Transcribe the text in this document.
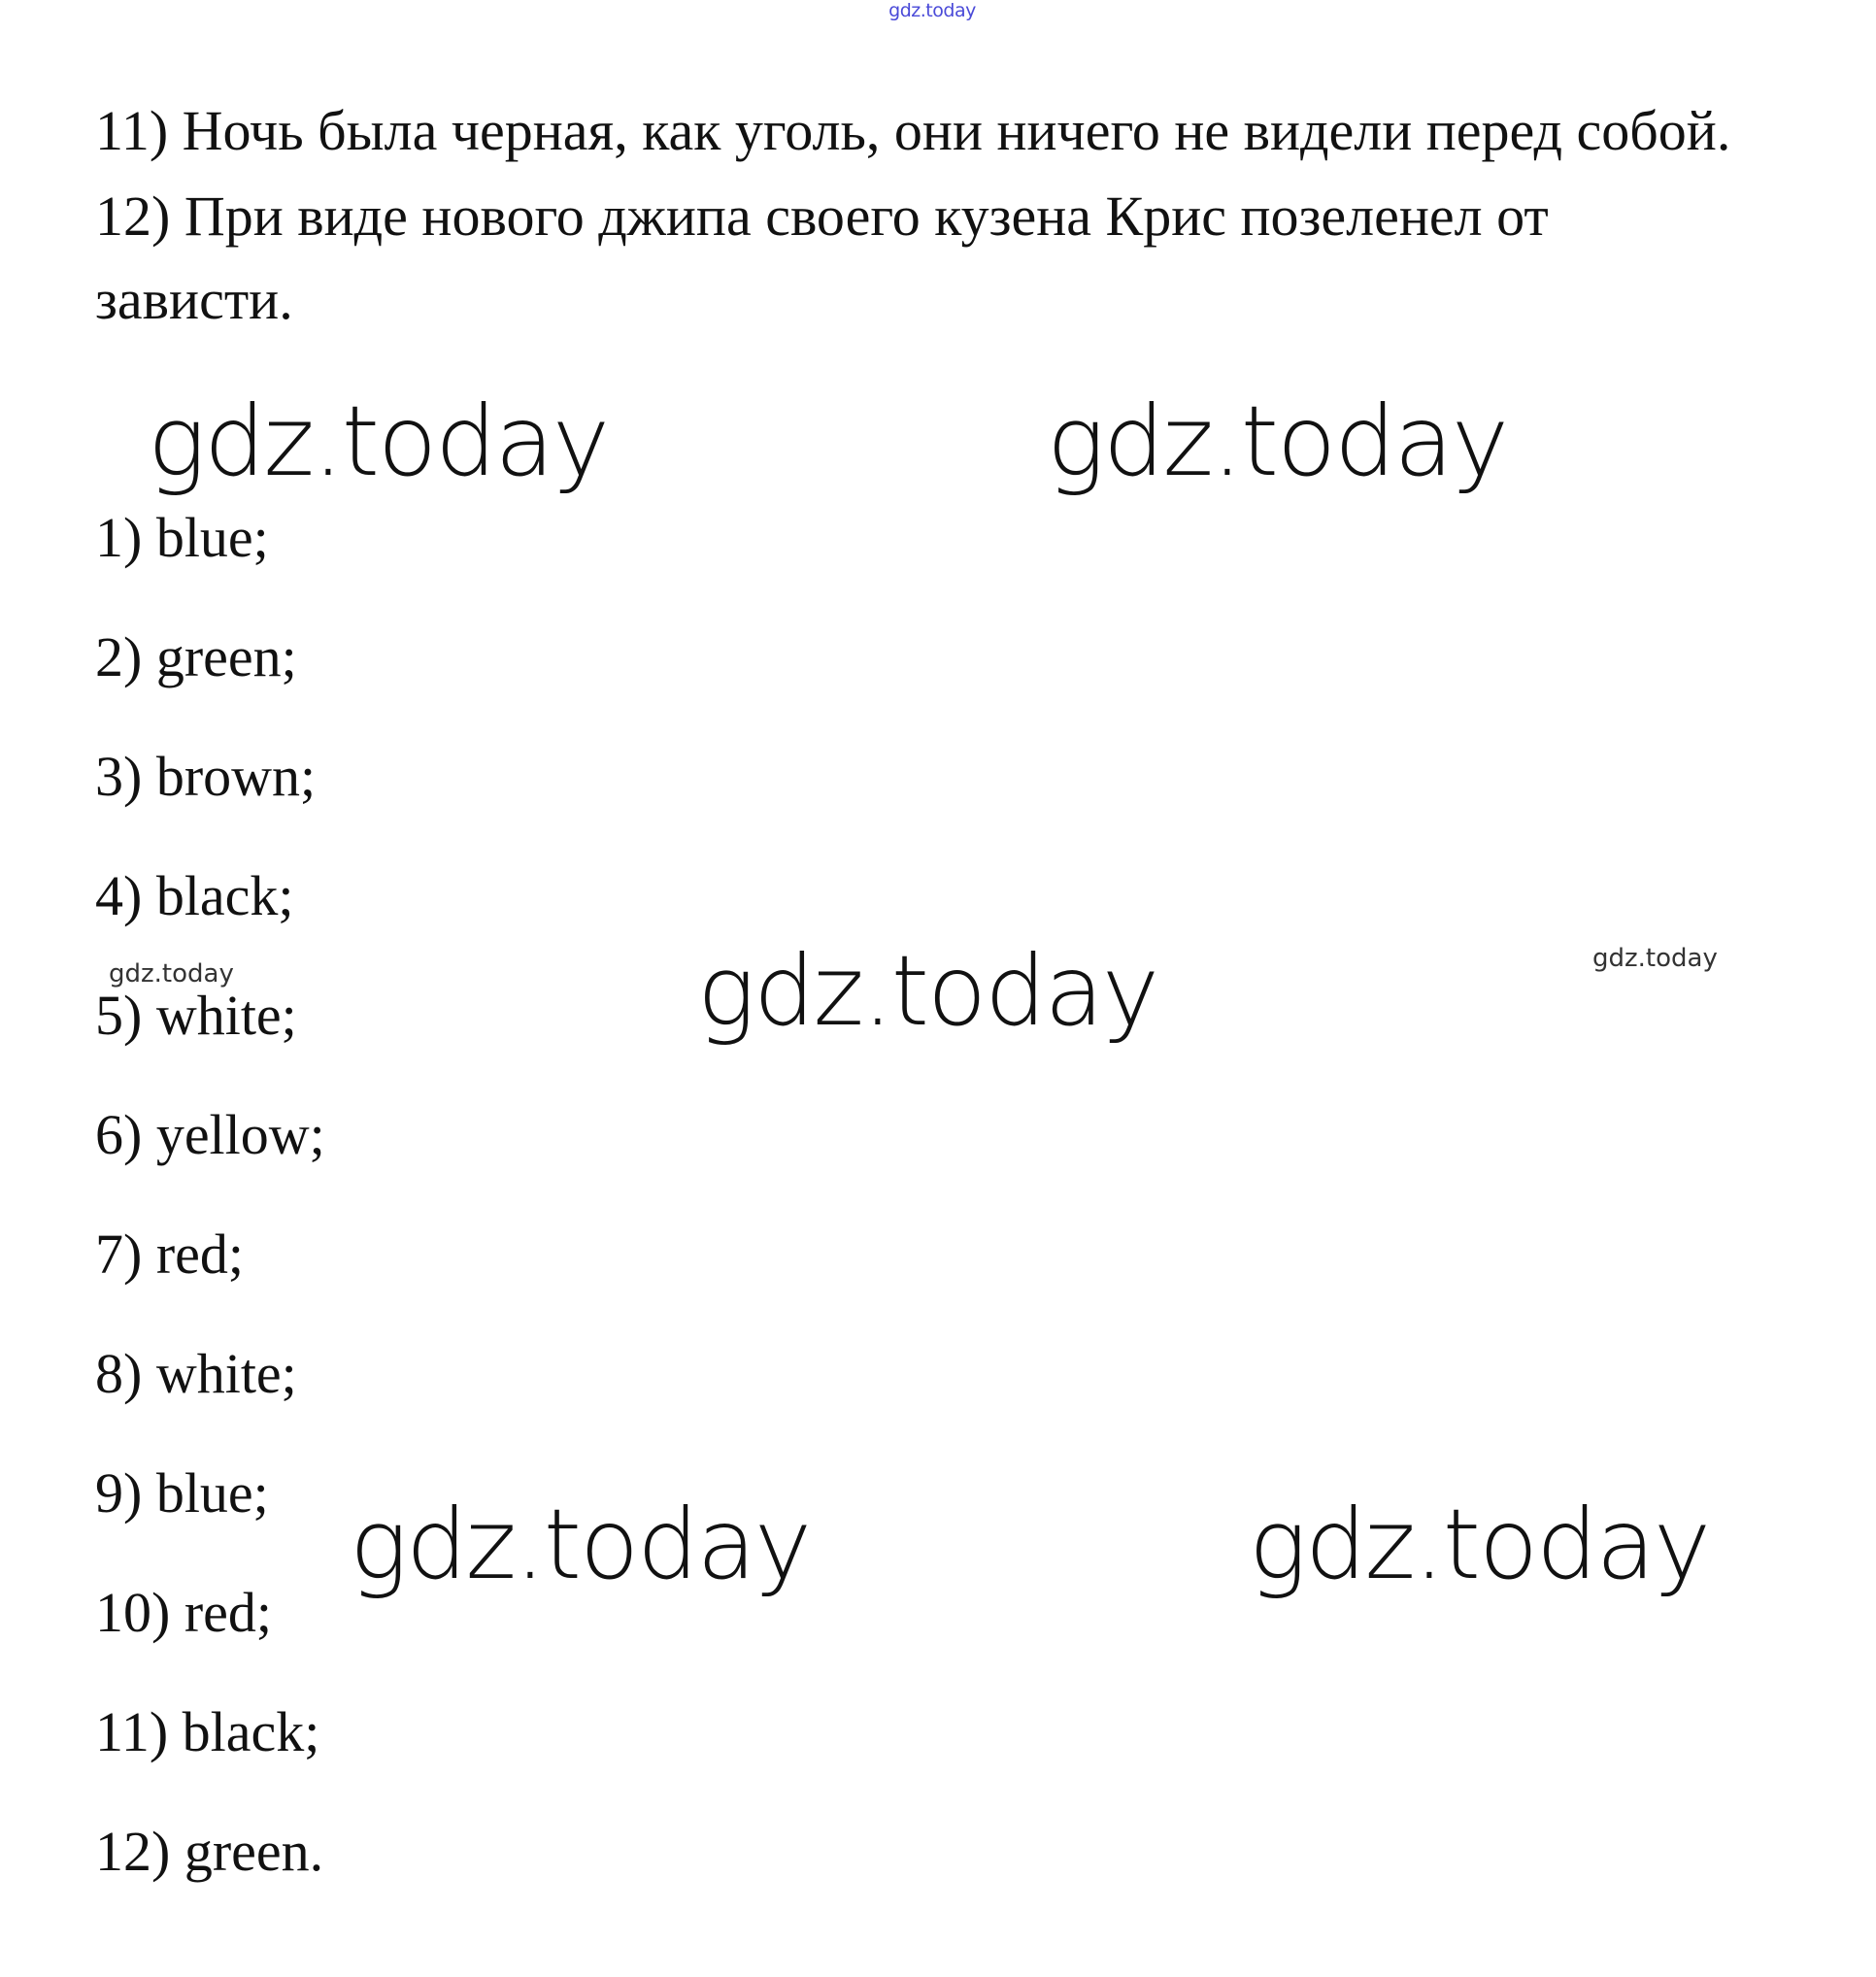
gdz.today
11) Ночь была черная, как уголь, они ничего не видели перед собой.
12) При виде нового джипа своего кузена Крис позеленел от зависти.
gdz.today	gdz.today
1) blue;
2) green;
3) brown;
4) black;
5) white;
6) yellow;
7) red;
8) white;
9) blue;
10) red;
11) black;
12) green.
gdz.today	gdz.today	gdz.today
gdz.today	gdz.today
